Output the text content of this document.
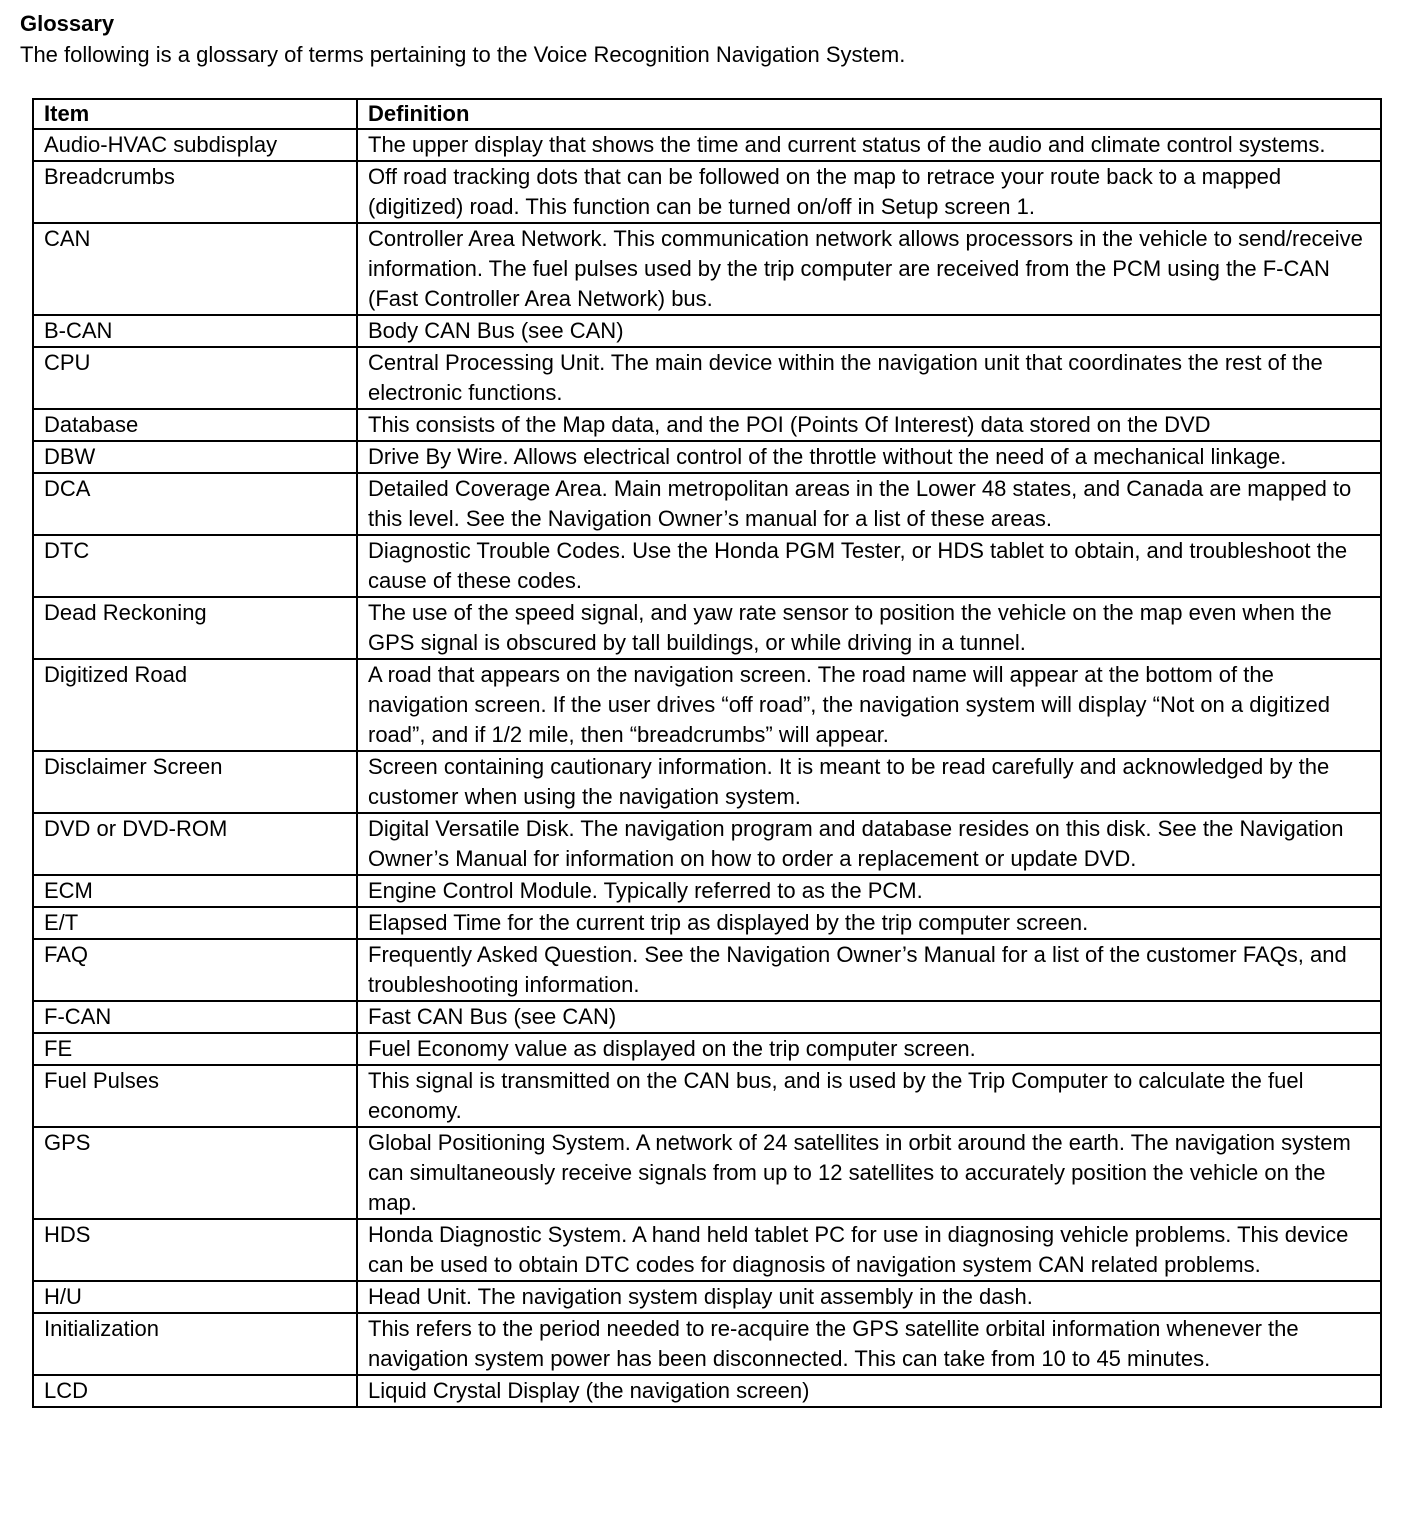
Glossary
The following is a glossary of terms pertaining to the Voice Recognition Navigation System.
Item	Definition
Audio-HVAC subdisplay	The upper display that shows the time and current status of the audio and climate control systems.
Breadcrumbs	Off road tracking dots that can be followed on the map to retrace your route back to a mapped (digitized) road. This function can be turned on/off in Setup screen 1.
CAN	Controller Area Network. This communication network allows processors in the vehicle to send/receive information. The fuel pulses used by the trip computer are received from the PCM using the F-CAN (Fast Controller Area Network) bus.
B-CAN	Body CAN Bus (see CAN)
CPU	Central Processing Unit. The main device within the navigation unit that coordinates the rest of the electronic functions.
Database	This consists of the Map data, and the POI (Points Of Interest) data stored on the DVD
DBW	Drive By Wire. Allows electrical control of the throttle without the need of a mechanical linkage.
DCA	Detailed Coverage Area. Main metropolitan areas in the Lower 48 states, and Canada are mapped to this level. See the Navigation Owner’s manual for a list of these areas.
DTC	Diagnostic Trouble Codes. Use the Honda PGM Tester, or HDS tablet to obtain, and troubleshoot the cause of these codes.
Dead Reckoning	The use of the speed signal, and yaw rate sensor to position the vehicle on the map even when the GPS signal is obscured by tall buildings, or while driving in a tunnel.
Digitized Road	A road that appears on the navigation screen. The road name will appear at the bottom of the navigation screen. If the user drives “off road”, the navigation system will display “Not on a digitized road”, and if 1/2 mile, then “breadcrumbs” will appear.
Disclaimer Screen	Screen containing cautionary information. It is meant to be read carefully and acknowledged by the customer when using the navigation system.
DVD or DVD-ROM	Digital Versatile Disk. The navigation program and database resides on this disk. See the Navigation Owner’s Manual for information on how to order a replacement or update DVD.
ECM	Engine Control Module. Typically referred to as the PCM.
E/T	Elapsed Time for the current trip as displayed by the trip computer screen.
FAQ	Frequently Asked Question. See the Navigation Owner’s Manual for a list of the customer FAQs, and troubleshooting information.
F-CAN	Fast CAN Bus (see CAN)
FE	Fuel Economy value as displayed on the trip computer screen.
Fuel Pulses	This signal is transmitted on the CAN bus, and is used by the Trip Computer to calculate the fuel economy.
GPS	Global Positioning System. A network of 24 satellites in orbit around the earth. The navigation system can simultaneously receive signals from up to 12 satellites to accurately position the vehicle on the map.
HDS	Honda Diagnostic System. A hand held tablet PC for use in diagnosing vehicle problems. This device can be used to obtain DTC codes for diagnosis of navigation system CAN related problems.
H/U	Head Unit. The navigation system display unit assembly in the dash.
Initialization	This refers to the period needed to re-acquire the GPS satellite orbital information whenever the navigation system power has been disconnected. This can take from 10 to 45 minutes.
LCD	Liquid Crystal Display (the navigation screen)
